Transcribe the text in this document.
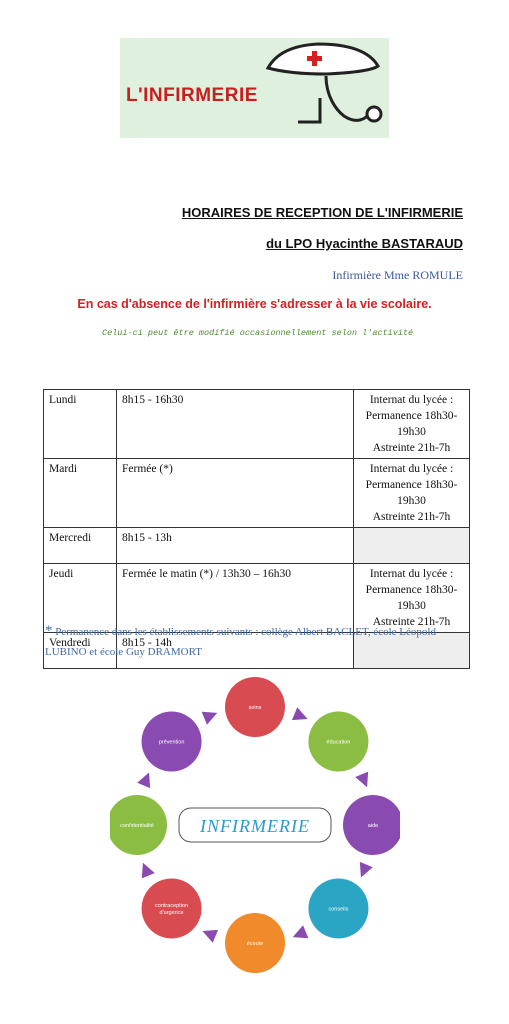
L'INFIRMERIE
HORAIRES DE RECEPTION DE L'INFIRMERIE
du LPO Hyacinthe BASTARAUD
Infirmière Mme ROMULE
En cas d'absence de l'infirmière s'adresser à la vie scolaire.
Celui-ci peut être modifié occasionnellement selon l'activité
Lundi	8h15 - 16h30	Internat du lycée :
Permanence 18h30-19h30
Astreinte 21h-7h

Mardi	Fermée (*)	Internat du lycée :
Permanence 18h30-19h30
Astreinte 21h-7h

Mercredi	8h15 - 13h	
Jeudi	Fermée le matin (*) / 13h30 – 16h30	Internat du lycée :
Permanence 18h30-19h30
Astreinte 21h-7h

Vendredi	8h15 - 14h	
* Permanence dans les établissements suivants : collège Albert BACLET, école Léopold LUBINO et école Guy DRAMORT
soins
éducation
aide
conseils
écoute
contraception
d'urgence
confidentialité
prévention
INFIRMERIE
